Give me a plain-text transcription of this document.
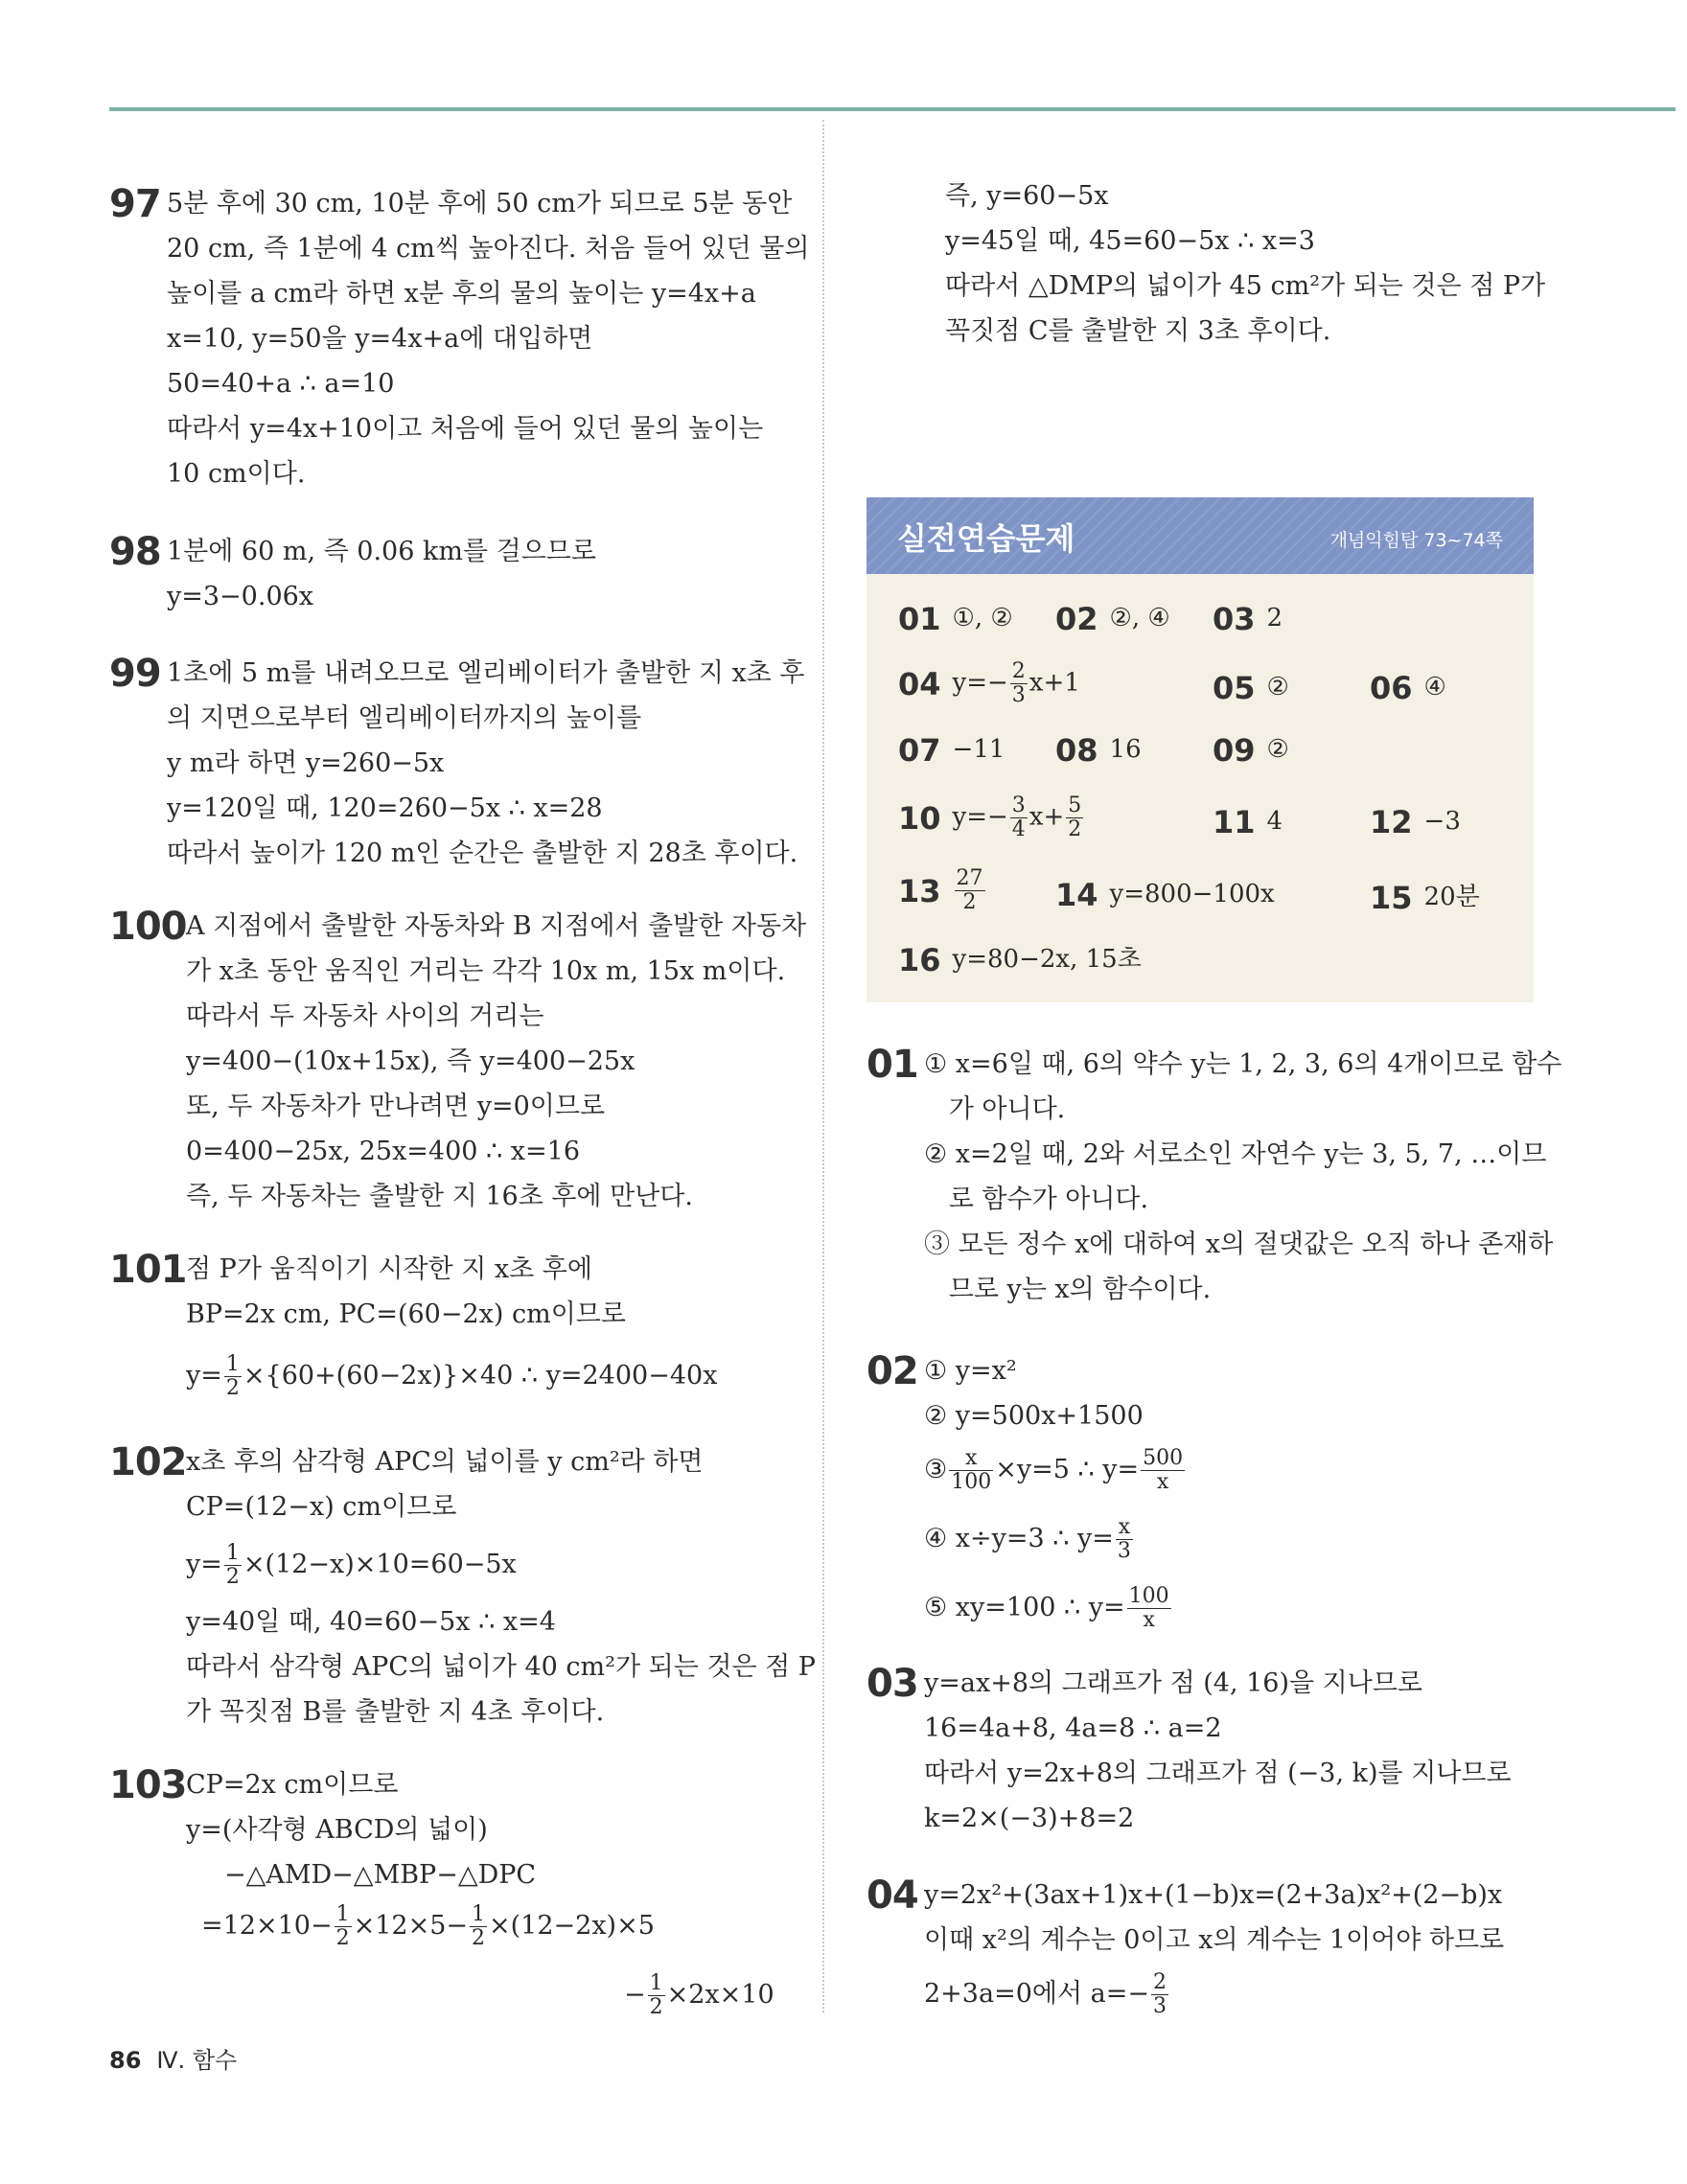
97 5분 후에 30 cm, 10분 후에 50 cm가 되므로 5분 동안
20 cm, 즉 1분에 4 cm씩 높아진다. 처음 들어 있던 물의
높이를 a cm라 하면 x분 후의 물의 높이는 y=4x+a
x=10, y=50을 y=4x+a에 대입하면
50=40+a ∴ a=10
따라서 y=4x+10이고 처음에 들어 있던 물의 높이는
10 cm이다.
98 1분에 60 m, 즉 0.06 km를 걸으므로
y=3−0.06x
99 1초에 5 m를 내려오므로 엘리베이터가 출발한 지 x초 후
의 지면으로부터 엘리베이터까지의 높이를
y m라 하면 y=260−5x
y=120일 때, 120=260−5x ∴ x=28
따라서 높이가 120 m인 순간은 출발한 지 28초 후이다.
100 A 지점에서 출발한 자동차와 B 지점에서 출발한 자동차
가 x초 동안 움직인 거리는 각각 10x m, 15x m이다.
따라서 두 자동차 사이의 거리는
y=400−(10x+15x), 즉 y=400−25x
또, 두 자동차가 만나려면 y=0이므로
0=400−25x, 25x=400 ∴ x=16
즉, 두 자동차는 출발한 지 16초 후에 만난다.
101 점 P가 움직이기 시작한 지 x초 후에
BP=2x cm, PC=(60−2x) cm이므로
$y= \frac{1}{2} \times\{60+(60-2x)\}\times 40$ ∴ y=2400−40x
102 x초 후의 삼각형 APC의 넓이를 y cm²라 하면
CP=(12−x) cm이므로
$y= \frac{1}{2} \times(12-x)\times 10=60-5x$
y=40일 때, 40=60−5x ∴ x=4
따라서 삼각형 APC의 넓이가 40 cm²가 되는 것은 점 P
가 꼭짓점 B를 출발한 지 4초 후이다.
103 CP=2x cm이므로
y=(사각형 ABCD의 넓이)
−△AMD−△MBP−△DPC
$=12\times 10- \frac{1}{2} \times 12\times 5- \frac{1}{2} \times(12-2x)\times 5$
− $\frac{1}{2} \times 2x\times 10$
즉, y=60−5x
y=45일 때, 45=60−5x ∴ x=3
따라서 △DMP의 넓이가 45 cm²가 되는 것은 점 P가
꼭짓점 C를 출발한 지 3초 후이다.
실전연습문제	개념익힘탑 73~74쪽
01 ①, ② 02 ②, ④ 03 2
04 $y=- \frac{2}{3} x+1$	05 ②	06 ④
07 −11 08 16 09 ②
10 $y=- \frac{3}{4} x+ \frac{5}{2}$	11 4	12 −3
$13 \frac{27}{2} 14$ y=800−100x	15 20분
16 y=80−2x, 15초
01 ① x=6일 때, 6의 약수 y는 1, 2, 3, 6의 4개이므로 함수
가 아니다.
② x=2일 때, 2와 서로소인 자연수 y는 3, 5, 7, …이므
로 함수가 아니다.
③ 모든 정수 x에 대하여 x의 절댓값은 오직 하나 존재하
므로 y는 x의 함수이다.
02 ① y=x²
② y=500x+1500
③ $\frac{x}{100} \times y=5$ ∴ $y= \frac{500}{x}$
④ x÷y=3 ∴ $y= \frac{x}{3}$
⑤ xy=100 ∴ $y= \frac{100}{x}$
03 y=ax+8의 그래프가 점 (4, 16)을 지나므로
16=4a+8, 4a=8 ∴ a=2
따라서 y=2x+8의 그래프가 점 (−3, k)를 지나므로
k=2×(−3)+8=2
04 y=2x²+(3ax+1)x+(1−b)x=(2+3a)x²+(2−b)x
이때 x²의 계수는 0이고 x의 계수는 1이어야 하므로
2+3a=0에서 $a=- \frac{2}{3}$
86 Ⅳ. 함수
